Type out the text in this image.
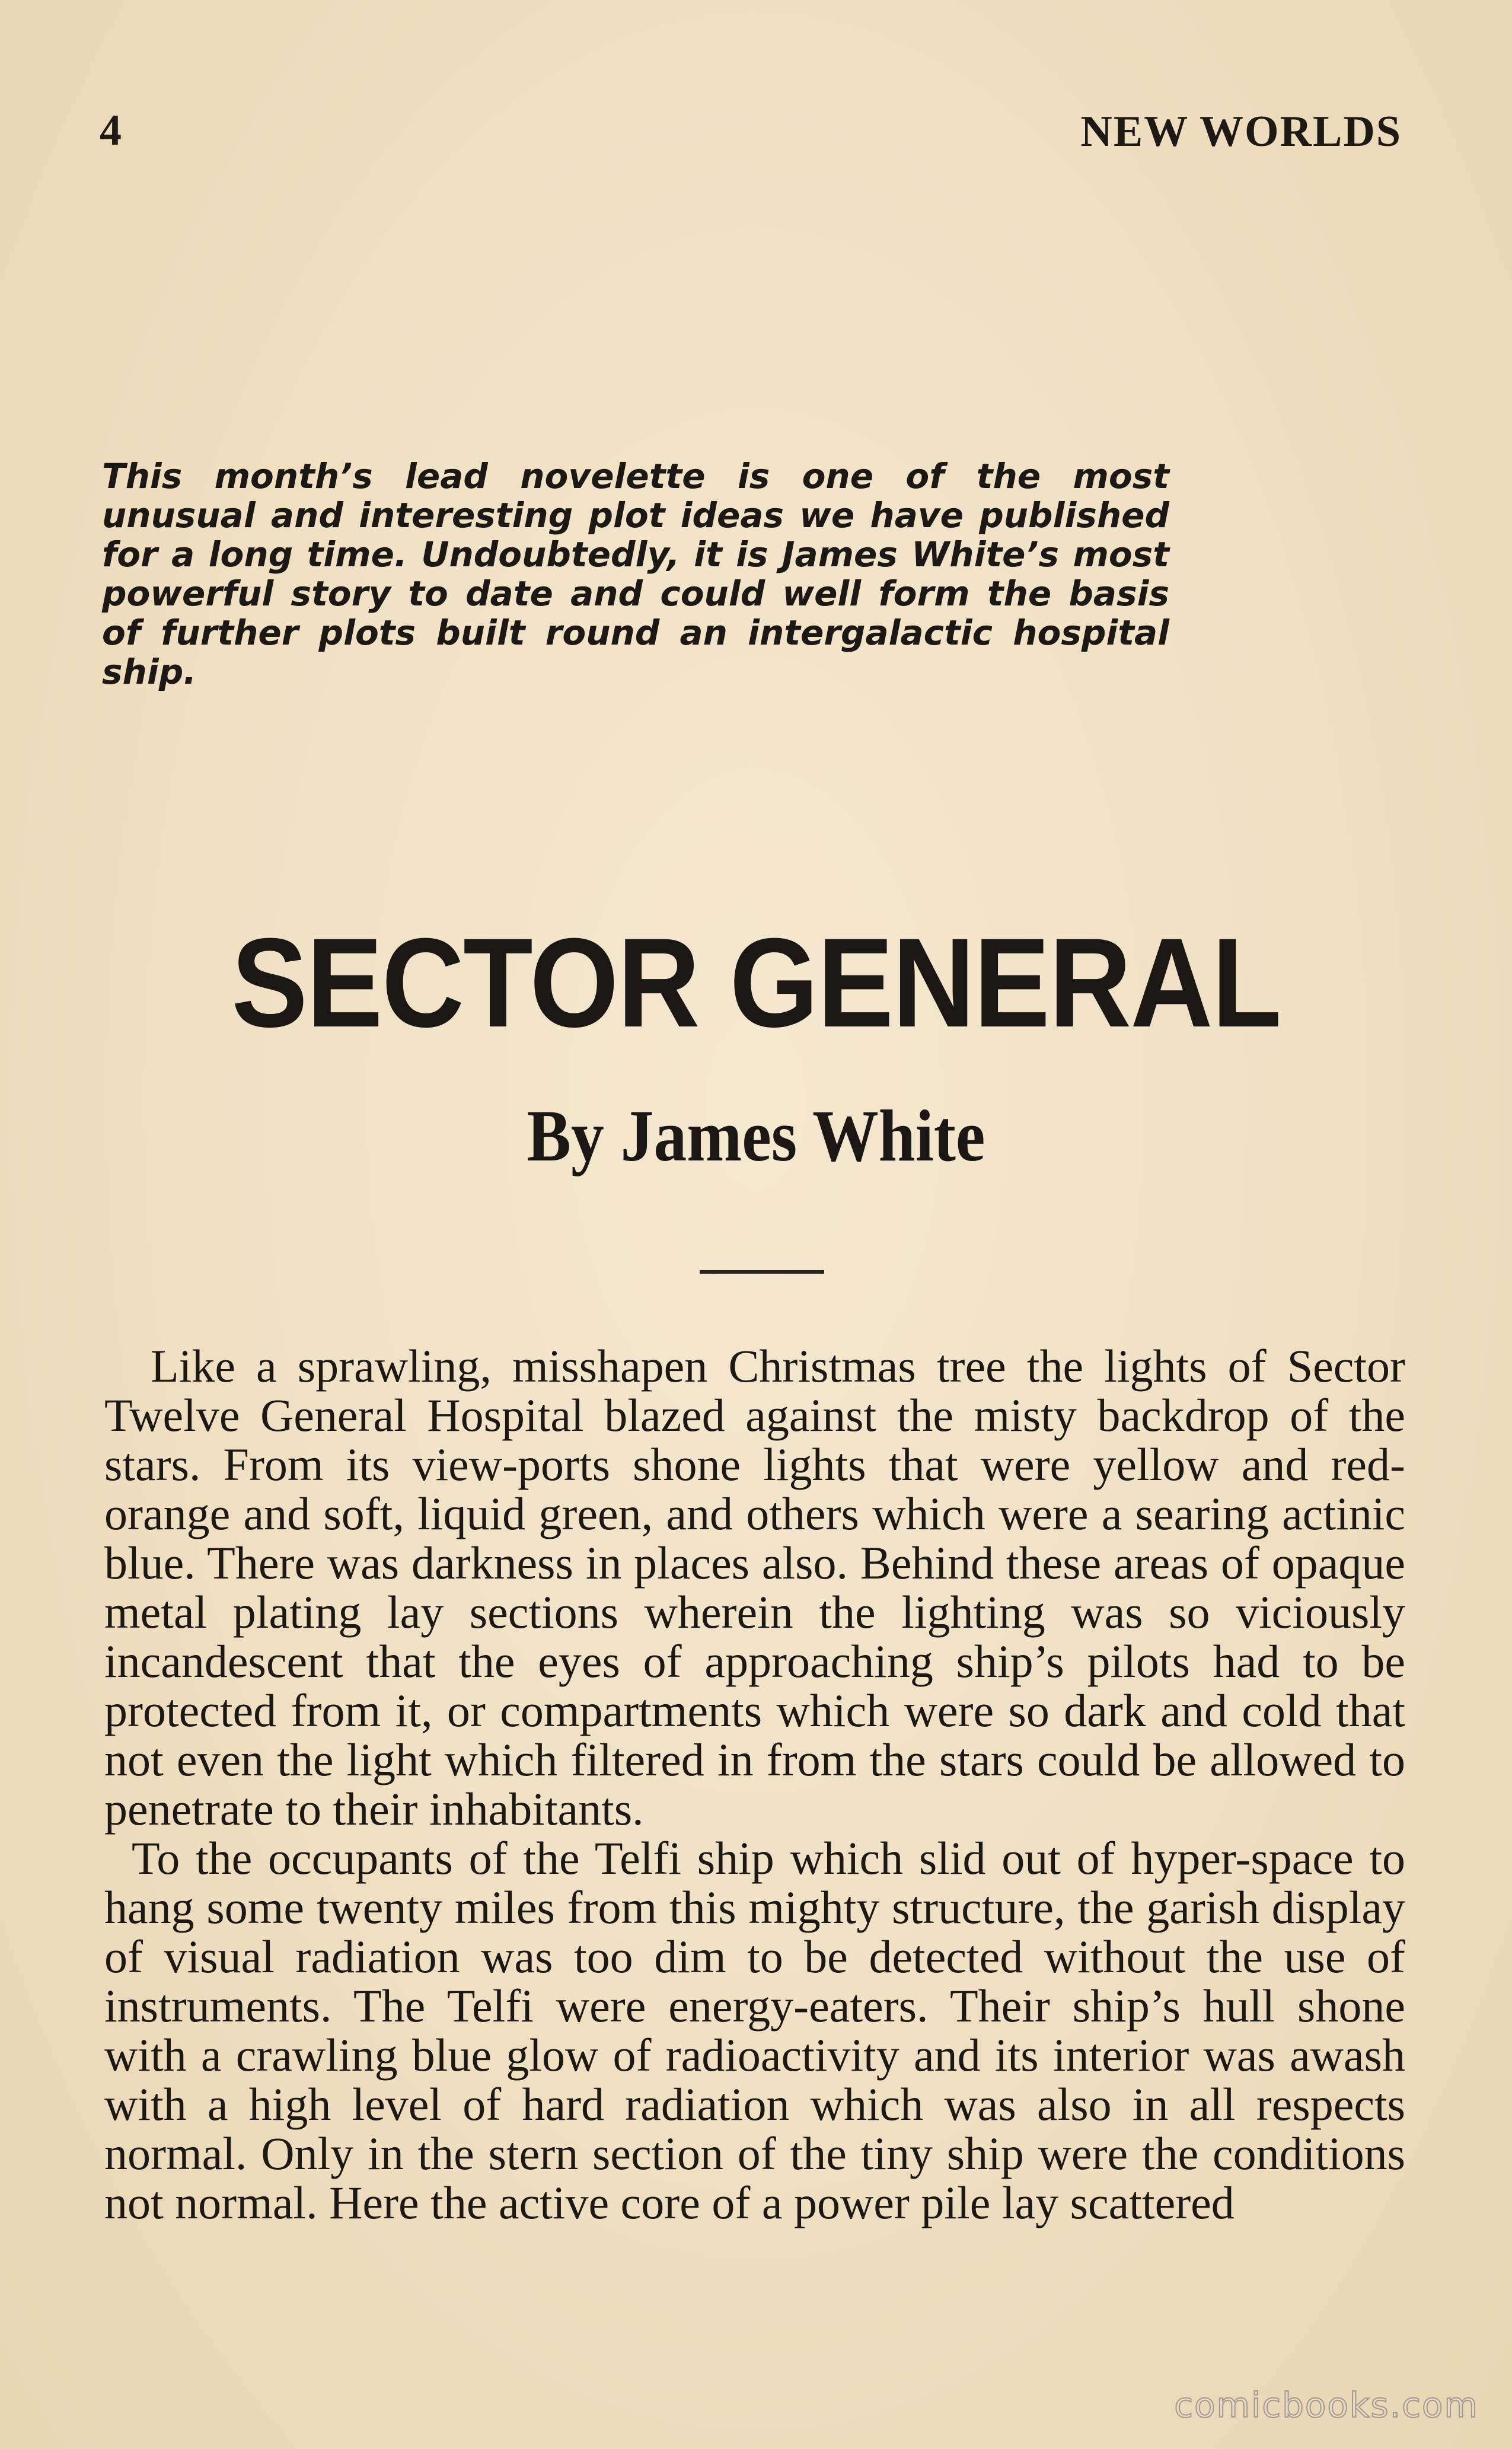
4	NEW WORLDS
This month’s lead novelette is one of the most unusual and interesting plot ideas we have published for a long time. Undoubtedly, it is James White’s most powerful story to date and could well form the basis of further plots built round an intergalactic hospital ship.
SECTOR GENERAL
By James White

Like a sprawling, misshapen Christmas tree the lights of Sector Twelve General Hospital blazed against the misty backdrop of the stars. From its view-ports shone lights that were yellow and red-orange and soft, liquid green, and others which were a searing actinic blue. There was darkness in places also. Behind these areas of opaque metal plating lay sections wherein the lighting was so viciously incandescent that the eyes of approaching ship’s pilots had to be protected from it, or compartments which were so dark and cold that not even the light which filtered in from the stars could be allowed to penetrate to their inhabitants.

To the occupants of the Telfi ship which slid out of hyper-space to hang some twenty miles from this mighty structure, the garish display of visual radiation was too dim to be detected without the use of instruments. The Telfi were energy-eaters. Their ship’s hull shone with a crawling blue glow of radioactivity and its interior was awash with a high level of hard radiation which was also in all respects normal. Only in the stern section of the tiny ship were the conditions not normal. Here the active core of a power pile lay scattered

comicbooks.com
